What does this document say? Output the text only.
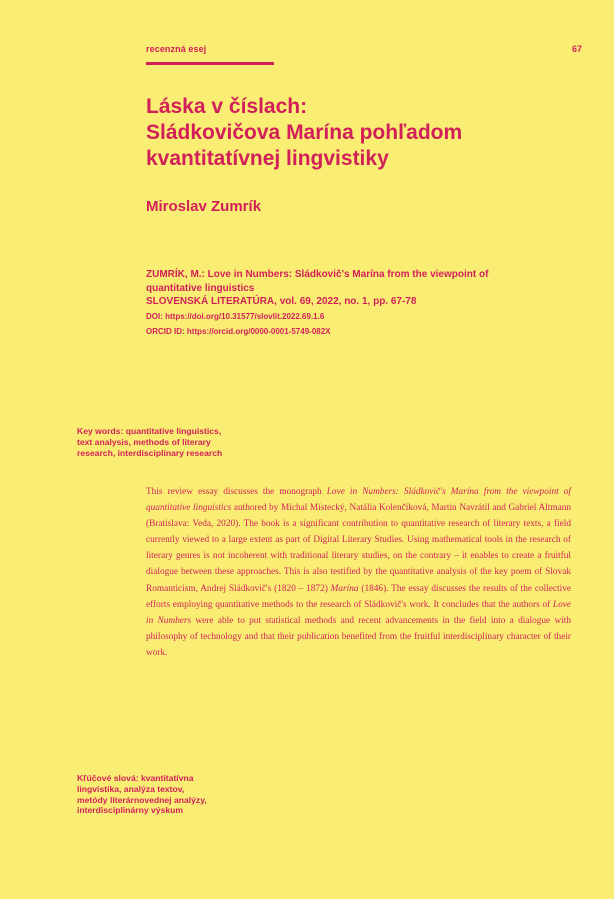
recenzná esej	67
Láska v číslach:
Sládkovičova Marína pohľadom
kvantitatívnej lingvistiky
Miroslav Zumrík
ZUMRÍK, M.: Love in Numbers: Sládkovič's Marína from the viewpoint of
quantitative linguistics
SLOVENSKÁ LITERATÚRA, vol. 69, 2022, no. 1, pp. 67-78
DOI: https://doi.org/10.31577/slovlit.2022.69.1.6
ORCID ID: https://orcid.org/0000-0001-5749-082X
Key words: quantitative linguistics,
text analysis, methods of literary
research, interdisciplinary research
This review essay discusses the monograph Love in Numbers: Sládkovič's Marína from the viewpoint of quantitative linguistics authored by Michal Místecký, Natália Kolenčíková, Martin Navrátil and Gabriel Altmann (Bratislava: Veda, 2020). The book is a significant contribution to quantitative research of literary texts, a field currently viewed to a large extent as part of Digital Literary Studies. Using mathematical tools in the research of literary genres is not incoherent with traditional literary studies, on the contrary – it enables to create a fruitful dialogue between these approaches. This is also testified by the quantitative analysis of the key poem of Slovak Romanticism, Andrej Sládkovič's (1820 – 1872) Marína (1846). The essay discusses the results of the collective efforts employing quantitative methods to the research of Sládkovič's work. It concludes that the authors of Love in Numbers were able to put statistical methods and recent advancements in the field into a dialogue with philosophy of technology and that their publication benefited from the fruitful interdisciplinary character of their work.
Kľúčové slová: kvantitatívna
lingvistika, analýza textov,
metódy literárnovednej analýzy,
interdisciplinárny výskum
